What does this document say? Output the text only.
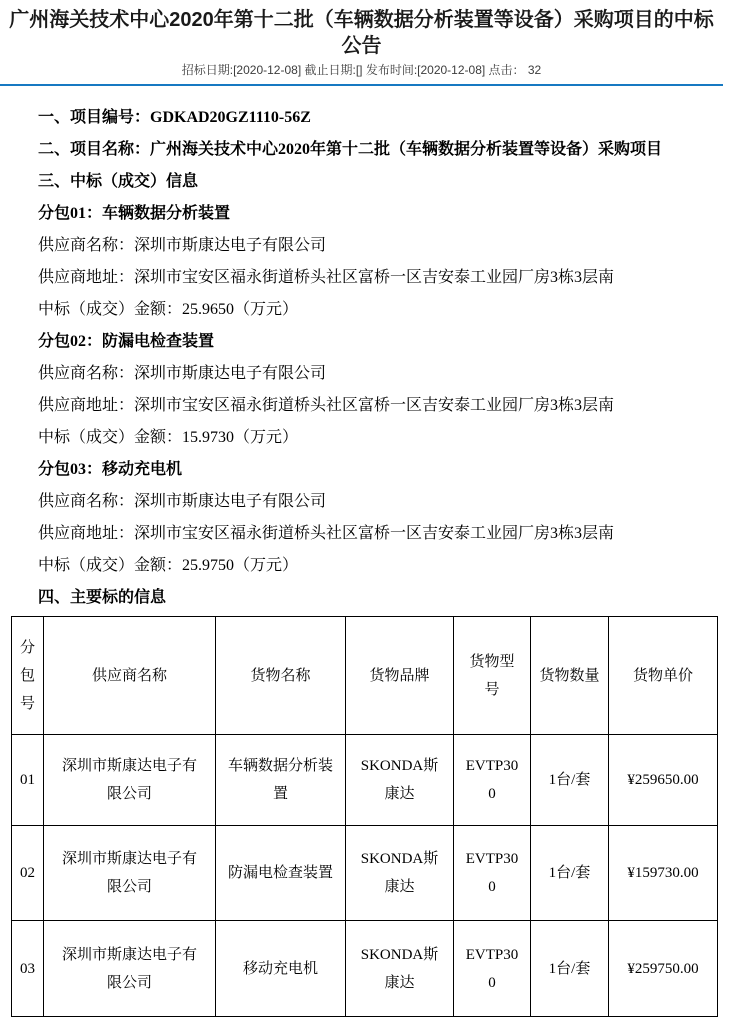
广州海关技术中心2020年第十二批（车辆数据分析装置等设备）采购项目的中标公告
招标日期:[2020-12-08] 截止日期:[] 发布时间:[2020-12-08] 点击： 32

一、项目编号：GDKAD20GZ1110-56Z

二、项目名称：广州海关技术中心2020年第十二批（车辆数据分析装置等设备）采购项目

三、中标（成交）信息

分包01：车辆数据分析装置

供应商名称：深圳市斯康达电子有限公司

供应商地址：深圳市宝安区福永街道桥头社区富桥一区吉安泰工业园厂房3栋3层南

中标（成交）金额：25.9650（万元）

分包02：防漏电检查装置

供应商名称：深圳市斯康达电子有限公司

供应商地址：深圳市宝安区福永街道桥头社区富桥一区吉安泰工业园厂房3栋3层南

中标（成交）金额：15.9730（万元）

分包03：移动充电机

供应商名称：深圳市斯康达电子有限公司

供应商地址：深圳市宝安区福永街道桥头社区富桥一区吉安泰工业园厂房3栋3层南

中标（成交）金额：25.9750（万元）

四、主要标的信息

分包号	供应商名称	货物名称	货物品牌	货物型号	货物数量	货物单价
01	深圳市斯康达电子有限公司	车辆数据分析装置	SKONDA斯康达	EVTP300	1台/套	¥259650.00
02	深圳市斯康达电子有限公司	防漏电检查装置	SKONDA斯康达	EVTP300	1台/套	¥159730.00
03	深圳市斯康达电子有限公司	移动充电机	SKONDA斯康达	EVTP300	1台/套	¥259750.00
